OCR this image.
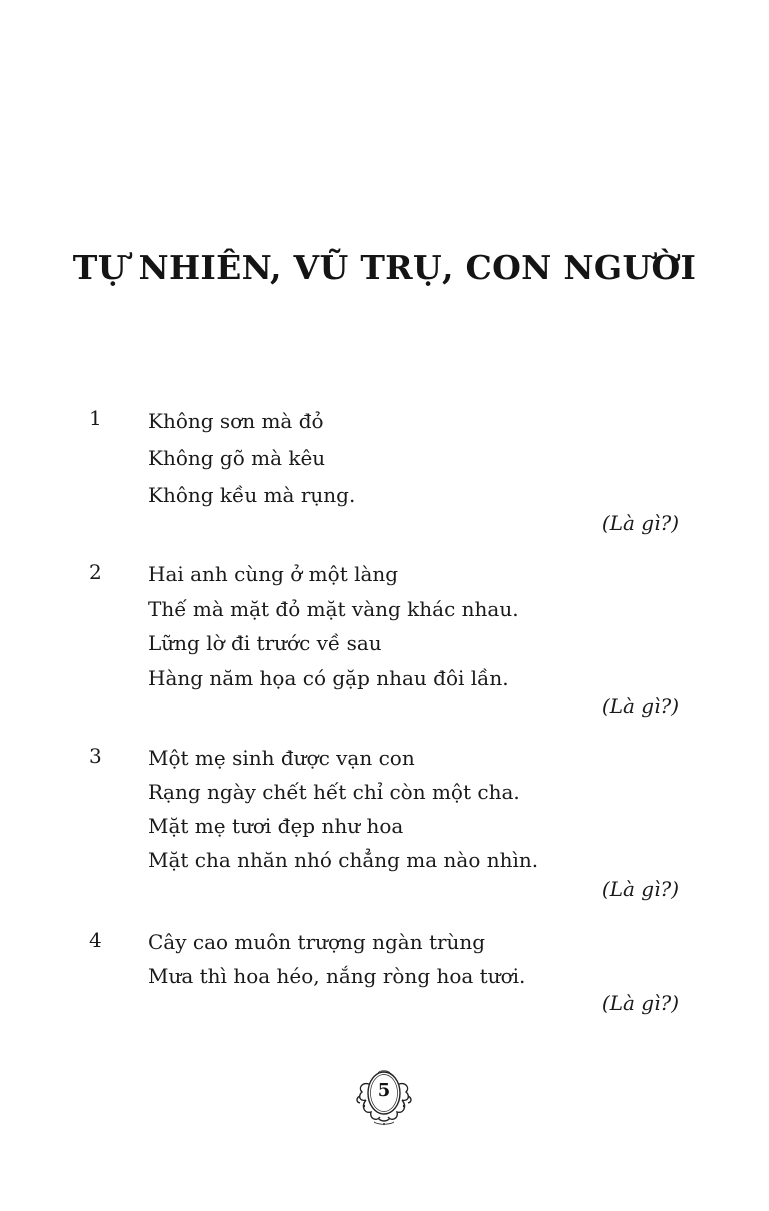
TỰ NHIÊN, VŨ TRỤ, CON NGƯỜI
1 Không sơn mà đỏ
Không gõ mà kêu
Không kều mà rụng.
(Là gì?)
2 Hai anh cùng ở một làng
Thế mà mặt đỏ mặt vàng khác nhau.
Lững lờ đi trước về sau
Hàng năm họa có gặp nhau đôi lần.
(Là gì?)
3 Một mẹ sinh được vạn con
Rạng ngày chết hết chỉ còn một cha.
Mặt mẹ tươi đẹp như hoa
Mặt cha nhăn nhó chẳng ma nào nhìn.
(Là gì?)
4 Cây cao muôn trượng ngàn trùng
Mưa thì hoa héo, nắng ròng hoa tươi.
(Là gì?)
5
